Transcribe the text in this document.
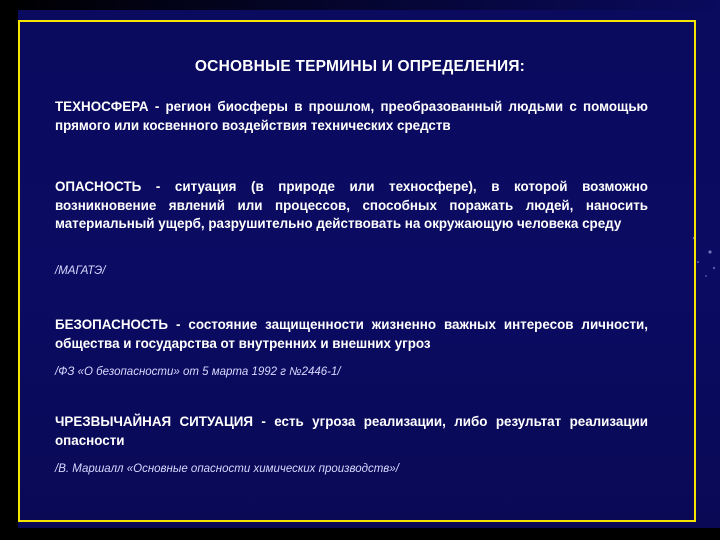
ОСНОВНЫЕ ТЕРМИНЫ И ОПРЕДЕЛЕНИЯ:
ТЕХНОСФЕРА - регион биосферы в прошлом, преобразованный людьми с помощью прямого или косвенного воздействия технических средств
ОПАСНОСТЬ - ситуация (в природе или техносфере), в которой возможно возникновение явлений или процессов, способных поражать людей, наносить материальный ущерб, разрушительно действовать на окружающую человека среду
/МАГАТЭ/
БЕЗОПАСНОСТЬ - состояние защищенности жизненно важных интересов личности, общества и государства от внутренних и внешних угроз
/ФЗ «О безопасности» от 5 марта 1992 г №2446-1/
ЧРЕЗВЫЧАЙНАЯ СИТУАЦИЯ - есть угроза реализации, либо результат реализации опасности
/В. Маршалл «Основные опасности химических производств»/
